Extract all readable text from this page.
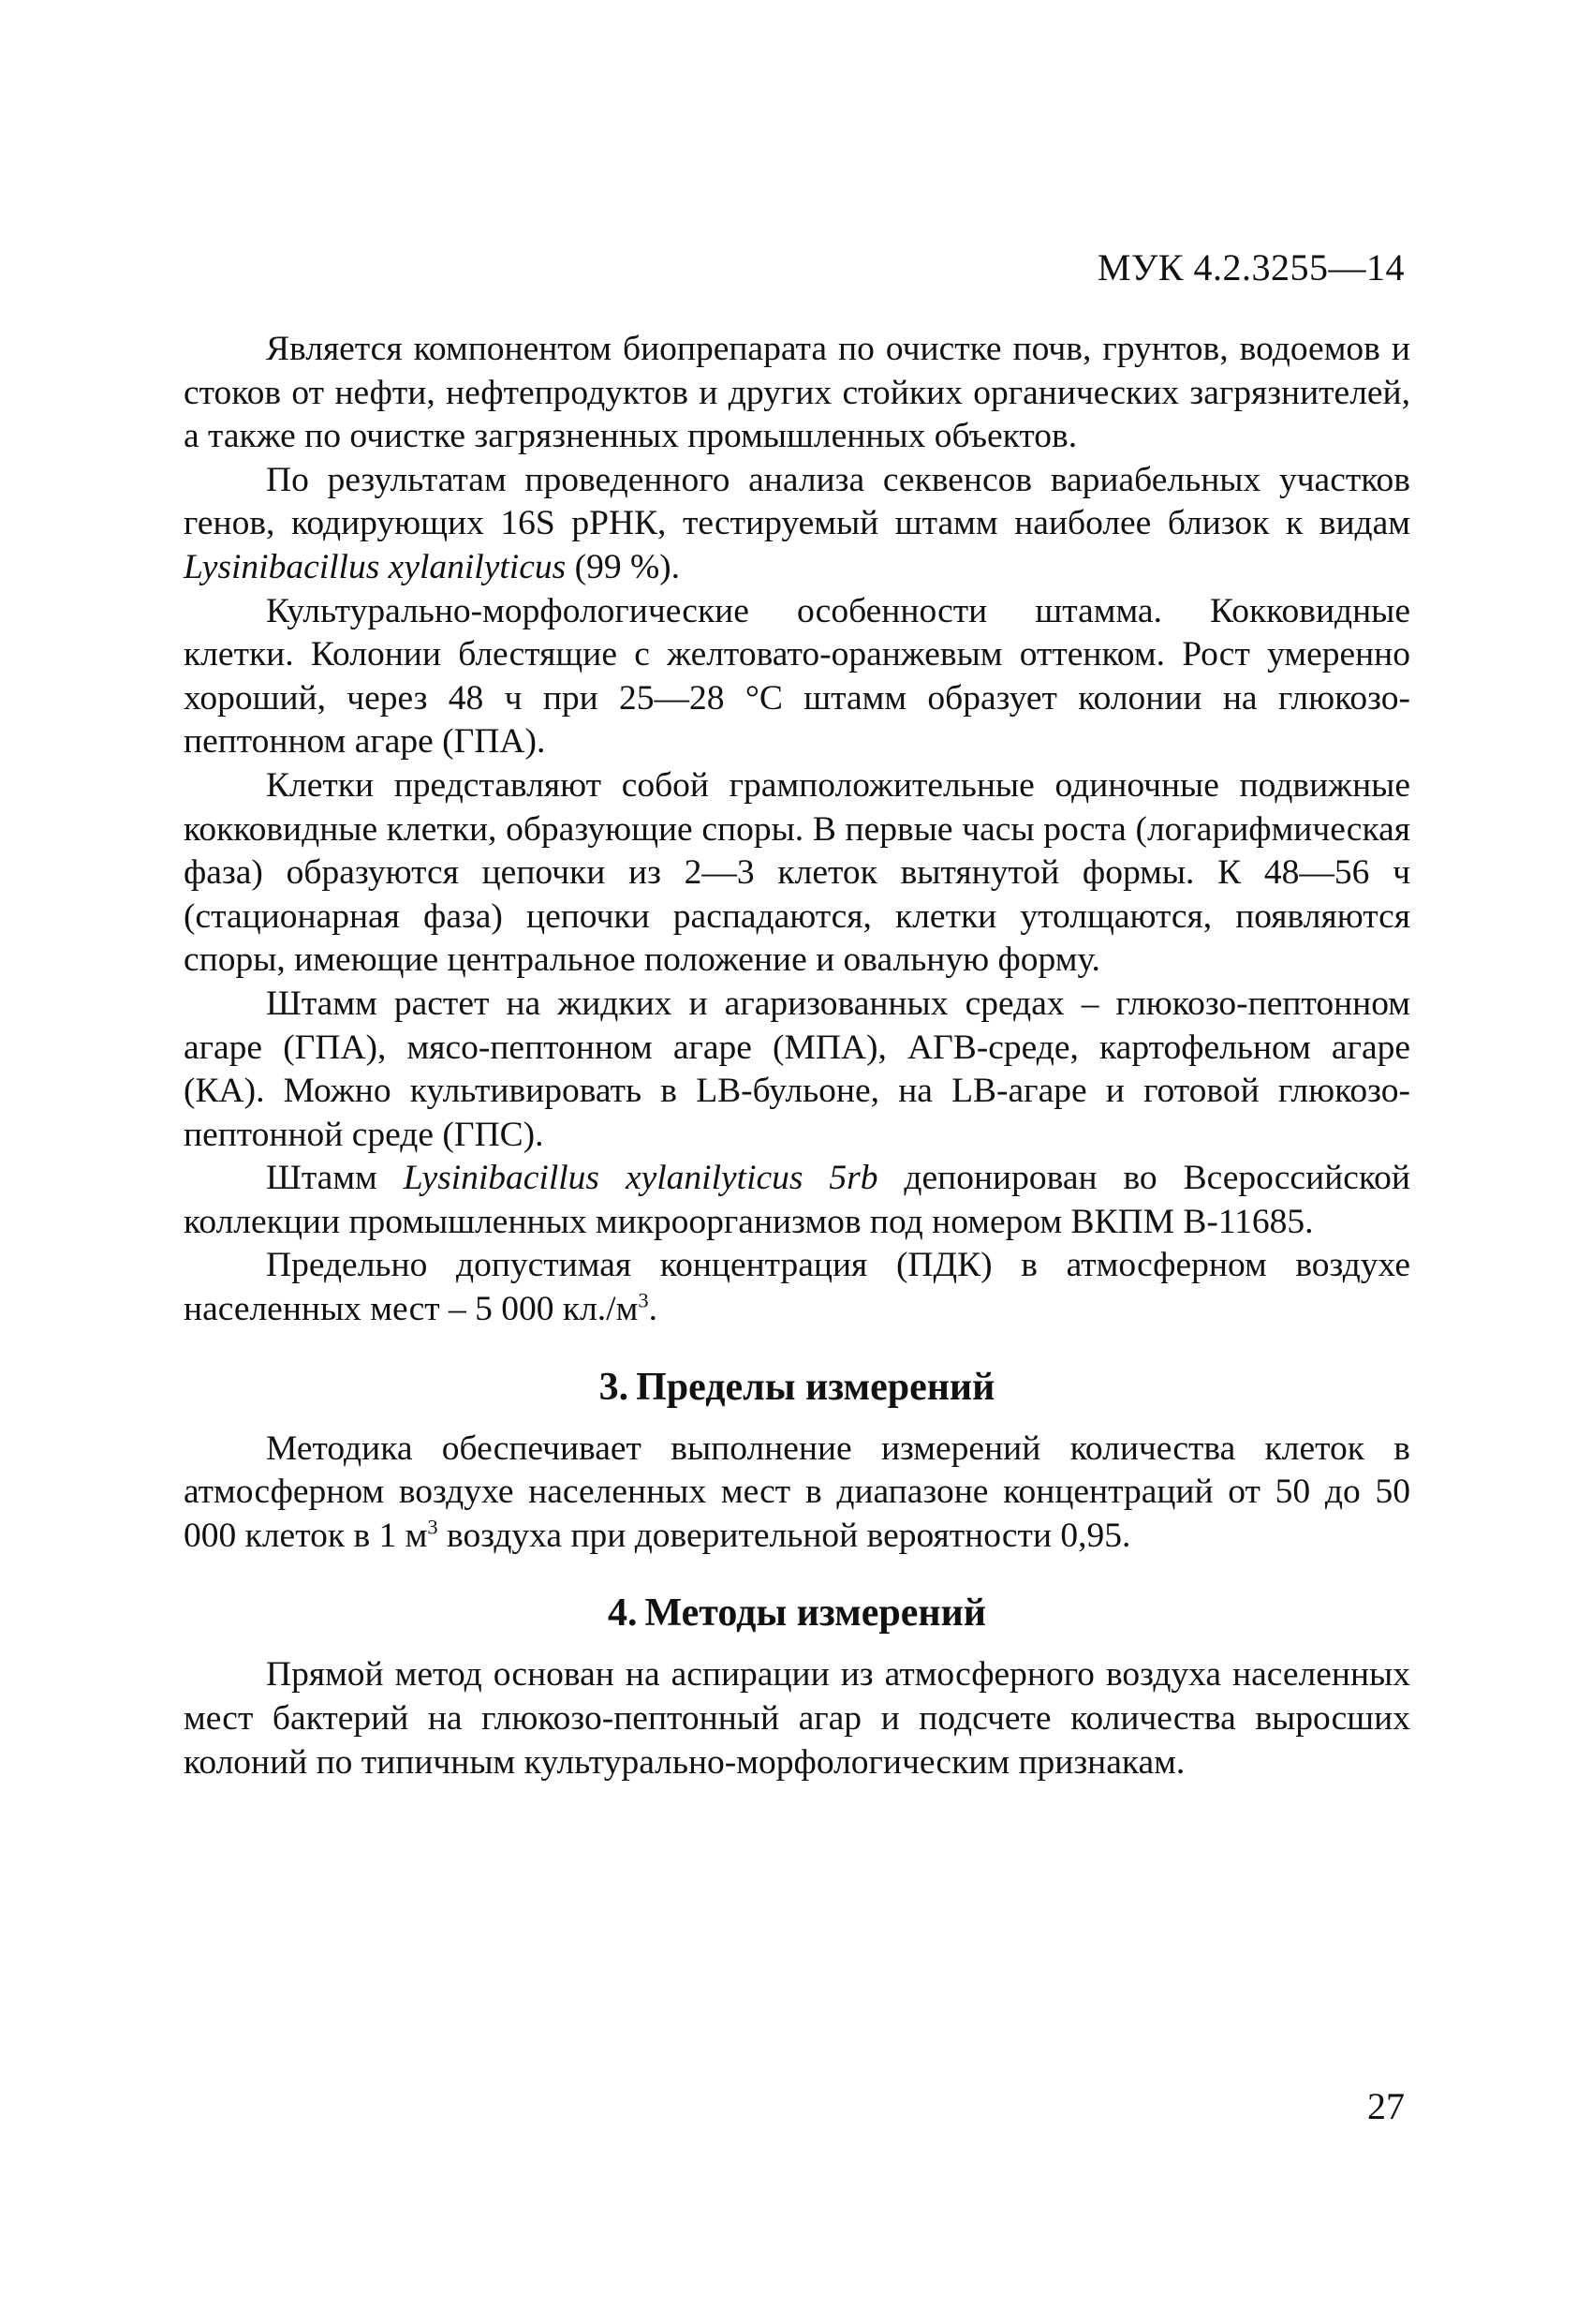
МУК 4.2.3255—14

Является компонентом биопрепарата по очистке почв, грунтов, водоемов и стоков от нефти, нефтепродуктов и других стойких органических загрязнителей, а также по очистке загрязненных промышленных объектов.

По результатам проведенного анализа секвенсов вариабельных участков генов, кодирующих 16S рРНК, тестируемый штамм наиболее близок к видам Lysinibacillus xylanilyticus (99 %).

Культурально-морфологические особенности штамма. Кокковидные клетки. Колонии блестящие с желтовато-оранжевым оттенком. Рост умеренно хороший, через 48 ч при 25—28 °С штамм образует колонии на глюкозо-пептонном агаре (ГПА).

Клетки представляют собой грамположительные одиночные подвижные кокковидные клетки, образующие споры. В первые часы роста (логарифмическая фаза) образуются цепочки из 2—3 клеток вытянутой формы. К 48—56 ч (стационарная фаза) цепочки распадаются, клетки утолщаются, появляются споры, имеющие центральное положение и овальную форму.

Штамм растет на жидких и агаризованных средах – глюкозо-пептонном агаре (ГПА), мясо-пептонном агаре (МПА), АГВ-среде, картофельном агаре (КА). Можно культивировать в LB-бульоне, на LB-агаре и готовой глюкозо-пептонной среде (ГПС).

Штамм Lysinibacillus xylanilyticus 5rb депонирован во Всероссийской коллекции промышленных микроорганизмов под номером ВКПМ В-11685.

Предельно допустимая концентрация (ПДК) в атмосферном воздухе населенных мест – 5 000 $кл./м^3$.

3. Пределы измерений

Методика обеспечивает выполнение измерений количества клеток в атмосферном воздухе населенных мест в диапазоне концентраций от 50 до 50 000 клеток в 1 $м^3$ воздуха при доверительной вероятности 0,95.

4. Методы измерений

Прямой метод основан на аспирации из атмосферного воздуха населенных мест бактерий на глюкозо-пептонный агар и подсчете количества выросших колоний по типичным культурально-морфологическим признакам.

27
